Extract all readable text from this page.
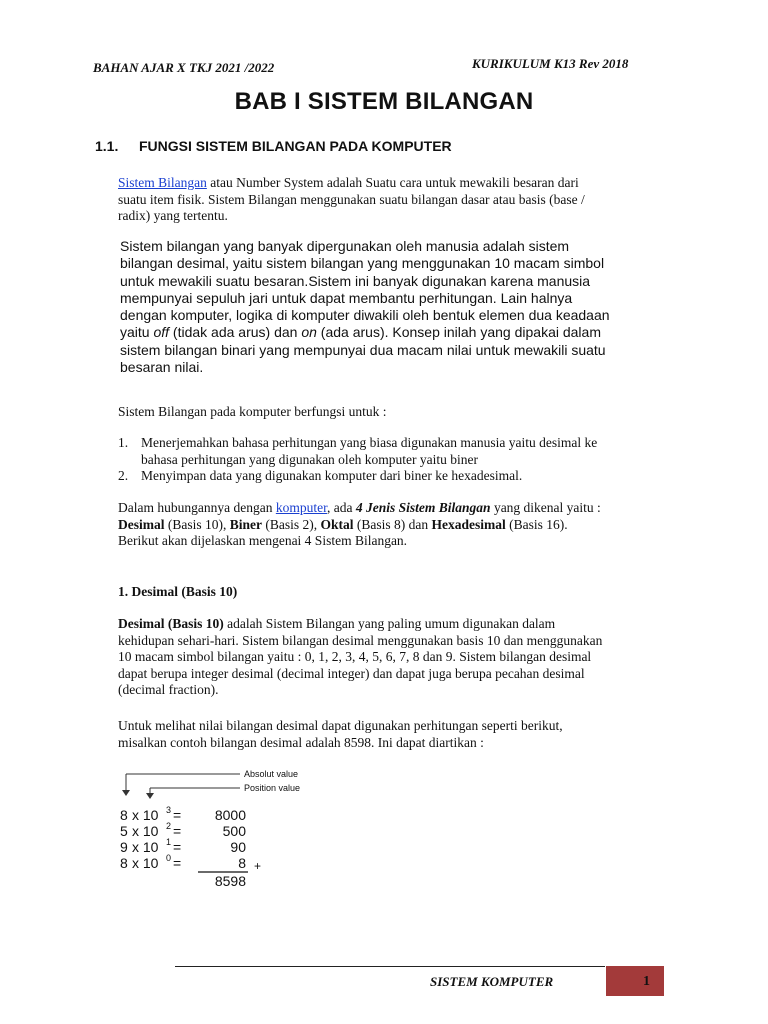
BAHAN AJAR X TKJ 2021 /2022	KURIKULUM K13 Rev 2018
BAB I SISTEM BILANGAN
1.1. FUNGSI SISTEM BILANGAN PADA KOMPUTER
Sistem Bilangan atau Number System adalah Suatu cara untuk mewakili besaran dari
suatu item fisik. Sistem Bilangan menggunakan suatu bilangan dasar atau basis (base /
radix) yang tertentu.
Sistem bilangan yang banyak dipergunakan oleh manusia adalah sistem
bilangan desimal, yaitu sistem bilangan yang menggunakan 10 macam simbol
untuk mewakili suatu besaran.Sistem ini banyak digunakan karena manusia
mempunyai sepuluh jari untuk dapat membantu perhitungan. Lain halnya
dengan komputer, logika di komputer diwakili oleh bentuk elemen dua keadaan
yaitu off (tidak ada arus) dan on (ada arus). Konsep inilah yang dipakai dalam
sistem bilangan binari yang mempunyai dua macam nilai untuk mewakili suatu
besaran nilai.
Sistem Bilangan pada komputer berfungsi untuk :
1. Menerjemahkan bahasa perhitungan yang biasa digunakan manusia yaitu desimal ke
bahasa perhitungan yang digunakan oleh komputer yaitu biner
2. Menyimpan data yang digunakan komputer dari biner ke hexadesimal.
Dalam hubungannya dengan komputer, ada 4 Jenis Sistem Bilangan yang dikenal yaitu :
Desimal (Basis 10), Biner (Basis 2), Oktal (Basis 8) dan Hexadesimal (Basis 16).
Berikut akan dijelaskan mengenai 4 Sistem Bilangan.
1. Desimal (Basis 10)
Desimal (Basis 10) adalah Sistem Bilangan yang paling umum digunakan dalam
kehidupan sehari-hari. Sistem bilangan desimal menggunakan basis 10 dan menggunakan
10 macam simbol bilangan yaitu : 0, 1, 2, 3, 4, 5, 6, 7, 8 dan 9. Sistem bilangan desimal
dapat berupa integer desimal (decimal integer) dan dapat juga berupa pecahan desimal
(decimal fraction).
Untuk melihat nilai bilangan desimal dapat digunakan perhitungan seperti berikut,
misalkan contoh bilangan desimal adalah 8598. Ini dapat diartikan :
Absolut value
Position value
8 x 10 3 = 8000
5 x 10 2 =	500
9 x 10 1 =	90
8 x 10 0 =	8 +
8598
SISTEM KOMPUTER	1
